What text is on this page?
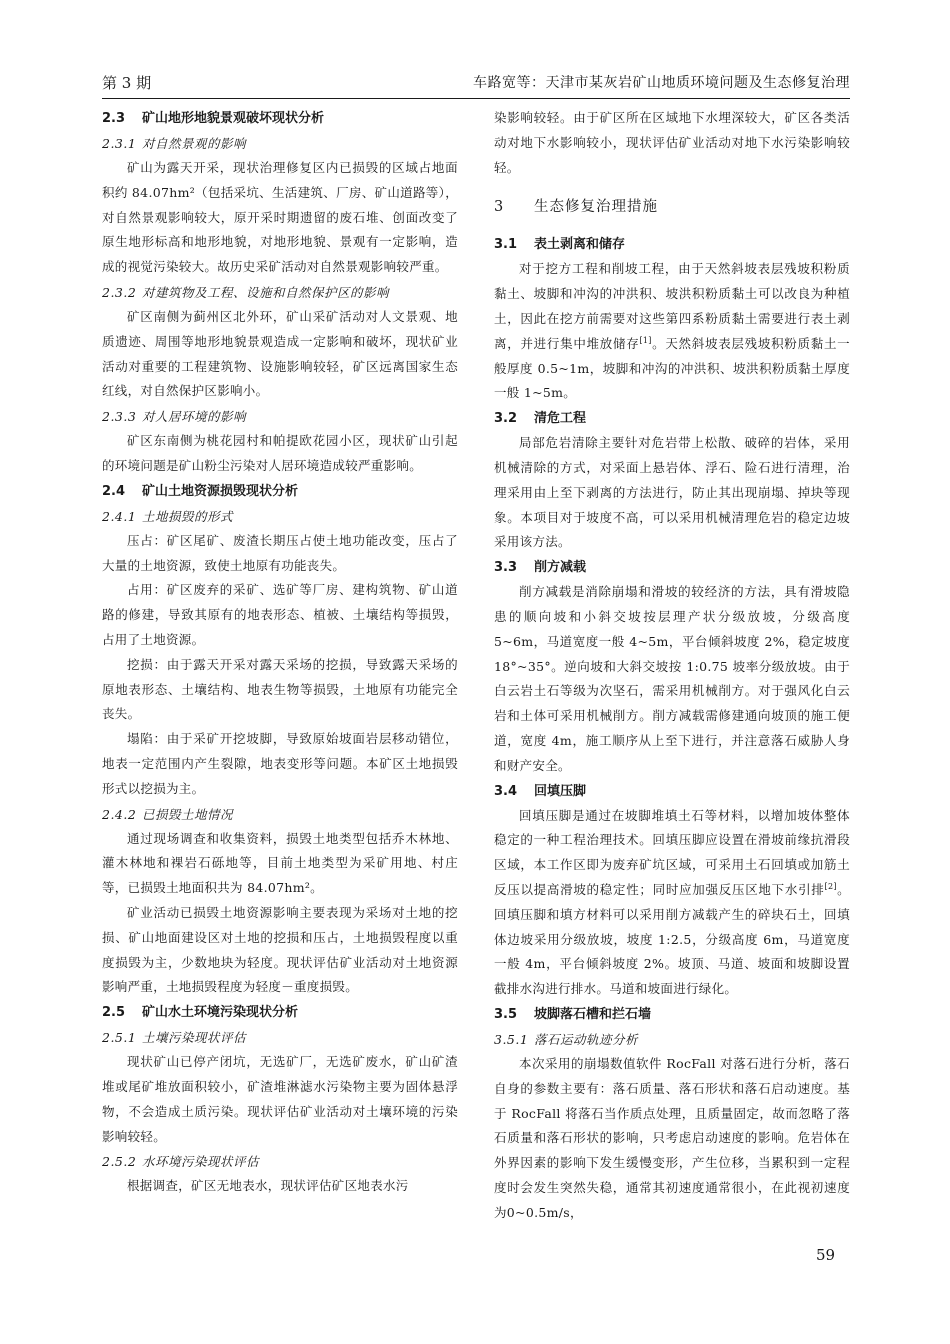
第 3 期	车路宽等：天津市某灰岩矿山地质环境问题及生态修复治理
2.3 矿山地形地貌景观破坏现状分析
2.3.1 对自然景观的影响

矿山为露天开采，现状治理修复区内已损毁的区域占地面积约 84.07hm²（包括采坑、生活建筑、厂房、矿山道路等），对自然景观影响较大，原开采时期遗留的废石堆、创面改变了原生地形标高和地形地貌，对地形地貌、景观有一定影响，造成的视觉污染较大。故历史采矿活动对自然景观影响较严重。

2.3.2 对建筑物及工程、设施和自然保护区的影响

矿区南侧为蓟州区北外环，矿山采矿活动对人文景观、地质遗迹、周围等地形地貌景观造成一定影响和破坏，现状矿业活动对重要的工程建筑物、设施影响较轻，矿区远离国家生态红线，对自然保护区影响小。

2.3.3 对人居环境的影响

矿区东南侧为桃花园村和帕提欧花园小区，现状矿山引起的环境问题是矿山粉尘污染对人居环境造成较严重影响。

2.4 矿山土地资源损毁现状分析
2.4.1 土地损毁的形式

压占：矿区尾矿、废渣长期压占使土地功能改变，压占了大量的土地资源，致使土地原有功能丧失。

占用：矿区废弃的采矿、选矿等厂房、建构筑物、矿山道路的修建，导致其原有的地表形态、植被、土壤结构等损毁，占用了土地资源。

挖损：由于露天开采对露天采场的挖损，导致露天采场的原地表形态、土壤结构、地表生物等损毁，土地原有功能完全丧失。

塌陷：由于采矿开挖坡脚，导致原始坡面岩层移动错位，地表一定范围内产生裂隙，地表变形等问题。本矿区土地损毁形式以挖损为主。

2.4.2 已损毁土地情况

通过现场调查和收集资料，损毁土地类型包括乔木林地、灌木林地和裸岩石砾地等，目前土地类型为采矿用地、村庄等，已损毁土地面积共为 84.07hm²。

矿业活动已损毁土地资源影响主要表现为采场对土地的挖损、矿山地面建设区对土地的挖损和压占，土地损毁程度以重度损毁为主，少数地块为轻度。现状评估矿业活动对土地资源影响严重，土地损毁程度为轻度－重度损毁。

2.5 矿山水土环境污染现状分析
2.5.1 土壤污染现状评估

现状矿山已停产闭坑，无选矿厂，无选矿废水，矿山矿渣堆或尾矿堆放面积较小，矿渣堆淋滤水污染物主要为固体悬浮物，不会造成土质污染。现状评估矿业活动对土壤环境的污染影响较轻。

2.5.2 水环境污染现状评估

根据调查，矿区无地表水，现状评估矿区地表水污

染影响较轻。由于矿区所在区域地下水埋深较大，矿区各类活动对地下水影响较小，现状评估矿业活动对地下水污染影响较轻。

3 生态修复治理措施
3.1 表土剥离和储存

对于挖方工程和削坡工程，由于天然斜坡表层残坡积粉质黏土、坡脚和冲沟的冲洪积、坡洪积粉质黏土可以改良为种植土，因此在挖方前需要对这些第四系粉质黏土需要进行表土剥离，并进行集中堆放储存[1]。天然斜坡表层残坡积粉质黏土一般厚度 0.5~1m，坡脚和冲沟的冲洪积、坡洪积粉质黏土厚度一般 1~5m。

3.2 清危工程

局部危岩清除主要针对危岩带上松散、破碎的岩体，采用机械清除的方式，对采面上悬岩体、浮石、险石进行清理，治理采用由上至下剥离的方法进行，防止其出现崩塌、掉块等现象。本项目对于坡度不高，可以采用机械清理危岩的稳定边坡采用该方法。

3.3 削方减载

削方减载是消除崩塌和滑坡的较经济的方法，具有滑坡隐患的顺向坡和小斜交坡按层理产状分级放坡，分级高度 5~6m，马道宽度一般 4~5m，平台倾斜坡度 2%，稳定坡度 18°~35°。逆向坡和大斜交坡按 1:0.75 坡率分级放坡。由于白云岩土石等级为次坚石，需采用机械削方。对于强风化白云岩和土体可采用机械削方。削方减载需修建通向坡顶的施工便道，宽度 4m，施工顺序从上至下进行，并注意落石威胁人身和财产安全。

3.4 回填压脚

回填压脚是通过在坡脚堆填土石等材料，以增加坡体整体稳定的一种工程治理技术。回填压脚应设置在滑坡前缘抗滑段区域，本工作区即为废弃矿坑区域，可采用土石回填或加筋土反压以提高滑坡的稳定性；同时应加强反压区地下水引排[2]。回填压脚和填方材料可以采用削方减载产生的碎块石土，回填体边坡采用分级放坡，坡度 1:2.5，分级高度 6m，马道宽度一般 4m，平台倾斜坡度 2%。坡顶、马道、坡面和坡脚设置截排水沟进行排水。马道和坡面进行绿化。

3.5 坡脚落石槽和拦石墙
3.5.1 落石运动轨迹分析

本次采用的崩塌数值软件 RocFall 对落石进行分析，落石自身的参数主要有：落石质量、落石形状和落石启动速度。基于 RocFall 将落石当作质点处理，且质量固定，故而忽略了落石质量和落石形状的影响，只考虑启动速度的影响。危岩体在外界因素的影响下发生缓慢变形，产生位移，当累积到一定程度时会发生突然失稳，通常其初速度通常很小，在此视初速度为0~0.5m/s，

59
